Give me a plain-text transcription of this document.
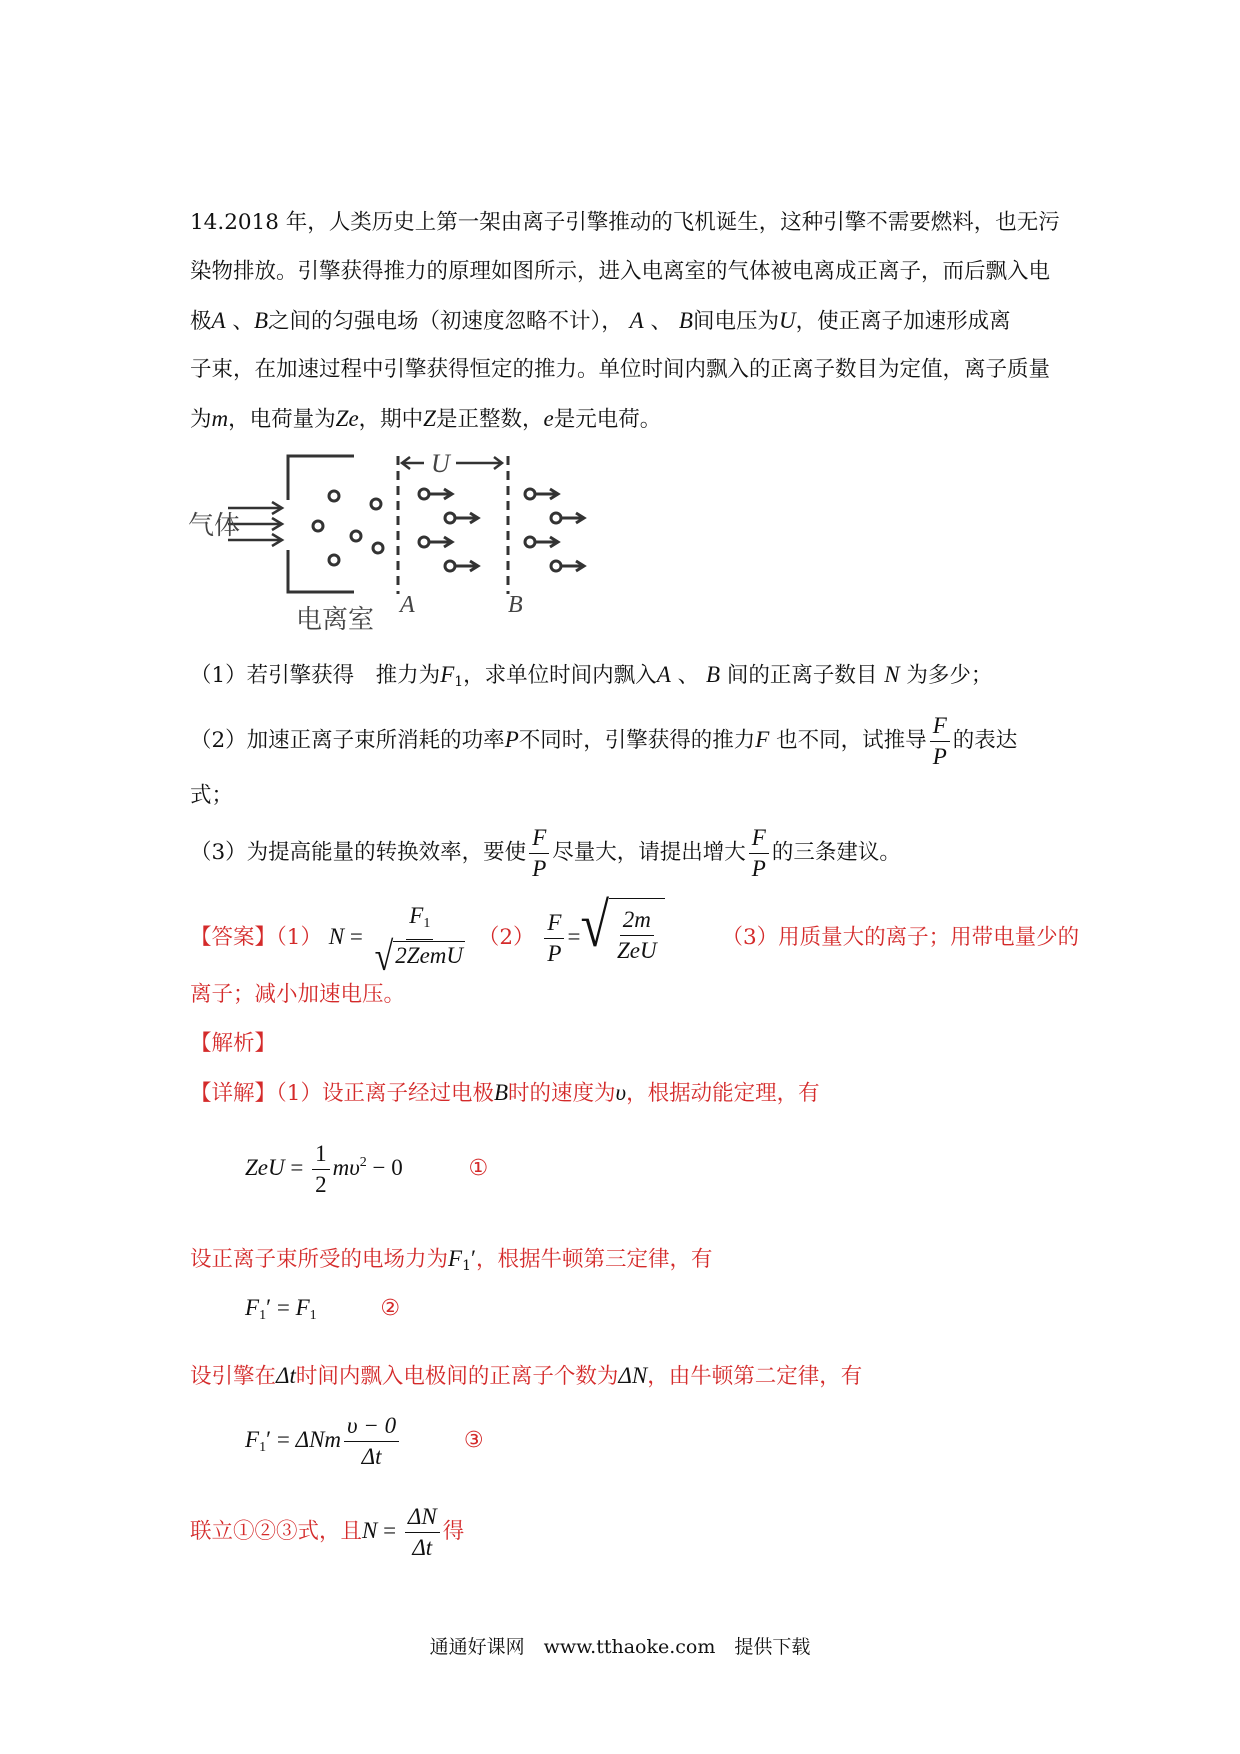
14.2018 年，人类历史上第一架由离子引擎推动的飞机诞生，这种引擎不需要燃料，也无污
染物排放。引擎获得推力的原理如图所示，进入电离室的气体被电离成正离子，而后飘入电
极A 、B之间的匀强电场（初速度忽略不计）， A 、 B间电压为U，使正离子加速形成离
子束，在加速过程中引擎获得恒定的推力。单位时间内飘入的正离子数目为定值，离子质量
为m，电荷量为Ze，期中Z是正整数，e是元电荷。
气体
电离室
U
A	B
（1）若引擎获得　推力为$F_1$，求单位时间内飘入A 、 B 间的正离子数目 N 为多少；
（2）加速正离子束所消耗的功率P不同时，引擎获得的推力F 也不同，试推导 $\frac{F}{P}$ 的表达
式；
（3）为提高能量的转换效率，要使 $\frac{F}{P}$ 尽量大，请提出增大 $\frac{F}{P}$ 的三条建议。
【答案】（1） $N = \frac{F_1}{\text{√ 2ZemU}} (2) \frac{F}{P}$ = √ $\frac{2m}{\text{ZeU}}$	（3）用质量大的离子；用带电量少的
离子；减小加速电压。
【解析】
【详解】（1）设正离子经过电极B时的速度为υ，根据动能定理，有
ZeU = $\frac{1}{2} m\upsilon^2 - 0$	①
设正离子束所受的电场力为$F_1'$，根据牛顿第三定律，有
$F_1' = F_1$	②
设引擎在Δt时间内飘入电极间的正离子个数为ΔN，由牛顿第二定律，有
$F_1' = \Delta Nm \frac{\upsilon - 0}{\Delta t}$	③
联立①②③式，且$N = \frac{\Delta N}{\Delta t}$ 得
通通好课网　www.tthaoke.com　提供下载
